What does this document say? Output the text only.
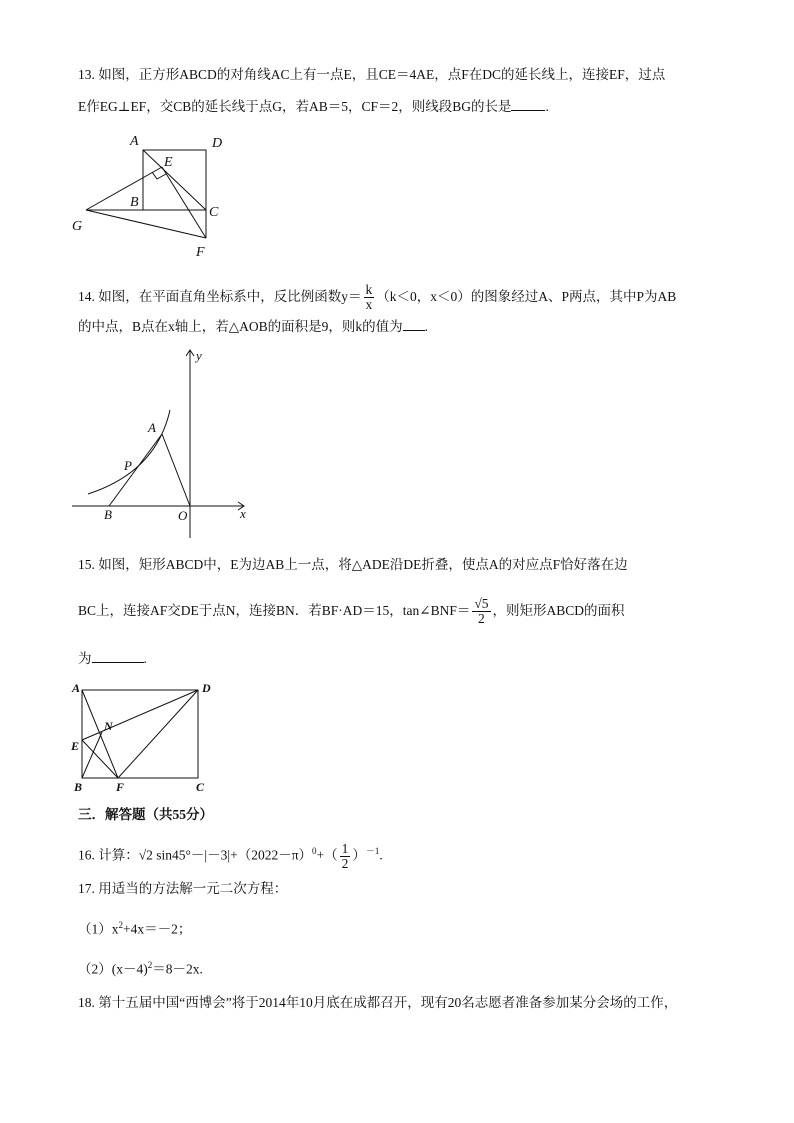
13. 如图，正方形ABCD的对角线AC上有一点E，且CE＝4AE，点F在DC的延长线上，连接EF，过点
E作EG⊥EF，交CB的延长线于点G，若AB＝5，CF＝2，则线段BG的长是	.
A	D
E
B
C
G
F
14. 如图，在平面直角坐标系中，反比例函数$y= \frac{k}{x} (k<0$，x＜0）的图象经过A、P两点，其中P为AB
的中点，B点在x轴上，若△AOB的面积是9，则k的值为 .
y
x
A
P
B	O
15. 如图，矩形ABCD中，E为边AB上一点，将△ADE沿DE折叠，使点A的对应点F恰好落在边
BC上，连接AF交DE于点N，连接BN．若BF·AD＝15，tan∠BNF＝ $\frac{√5}{2}$ ，则矩形ABCD的面积
为	.
A	D
N
E
B	F	C
三．解答题（共55分）
16. 计算：√2 $\sin 45^\circ-|-3|+(2022-\pi)^0+( \frac{1}{2} )^{-1}$.
17. 用适当的方法解一元二次方程：
$(1)x^2+4x=-2$；
$(2)(x-4)^2=8-2x$.
18. 第十五届中国“西博会”将于2014年10月底在成都召开，现有20名志愿者准备参加某分会场的工作，
